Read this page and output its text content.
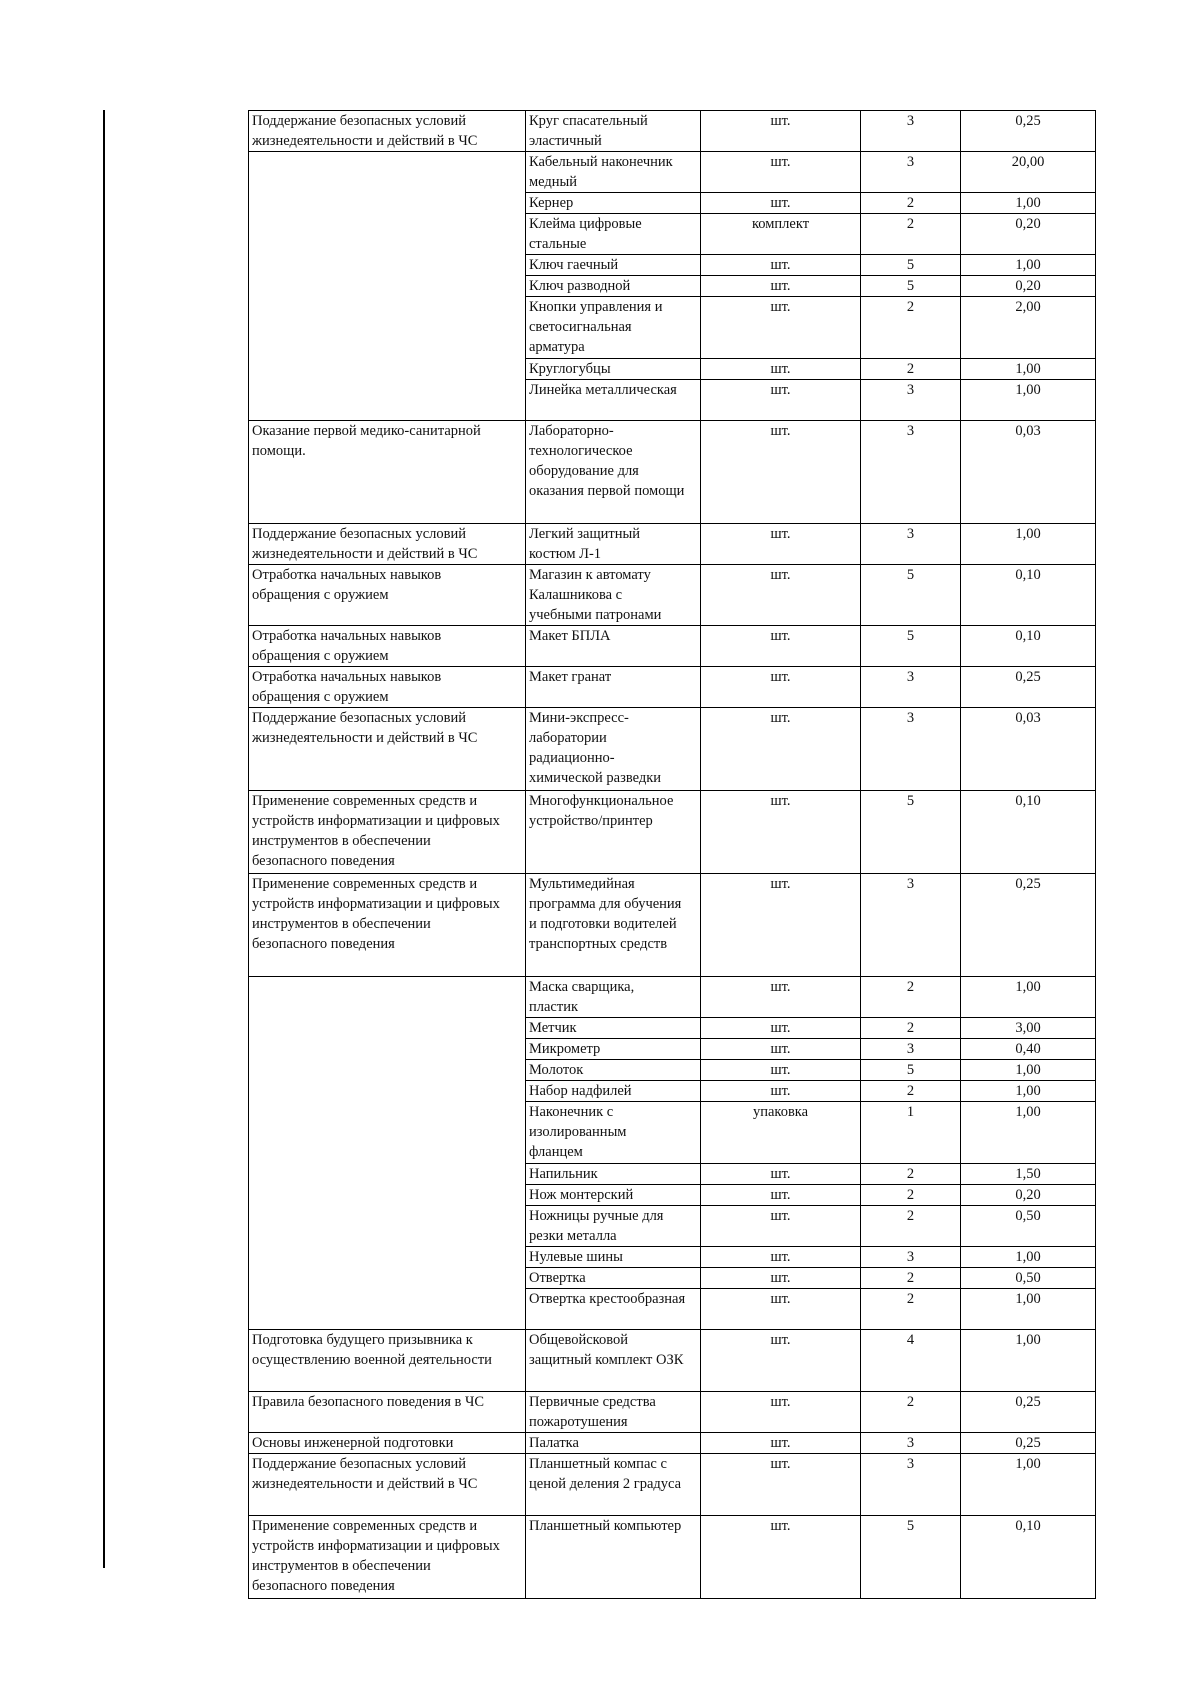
Поддержание безопасных условий
жизнедеятельности и действий в ЧС	Круг спасательный
эластичный	шт.	3	0,25
	Кабельный наконечник
медный	шт.	3	20,00
	Кернер	шт.	2	1,00
	Клейма цифровые стальные	комплект	2	0,20
	Ключ гаечный	шт.	5	1,00
	Ключ разводной	шт.	5	0,20
	Кнопки управления и
светосигнальная
арматура	шт.	2	2,00
	Круглогубцы	шт.	2	1,00
	Линейка металлическая	шт.	3	1,00
Оказание первой медико-санитарной
помощи.	Лабораторно-
технологическое
оборудование для
оказания первой помощи	шт.	3	0,03
Поддержание безопасных условий
жизнедеятельности и действий в ЧС	Легкий защитный
костюм Л-1	шт.	3	1,00
Отработка начальных навыков
обращения с оружием	Магазин к автомату
Калашникова с
учебными патронами	шт.	5	0,10
Отработка начальных навыков
обращения с оружием	Макет БПЛА	шт.	5	0,10
Отработка начальных навыков
обращения с оружием	Макет гранат	шт.	3	0,25
Поддержание безопасных условий
жизнедеятельности и действий в ЧС	Мини-экспресс-
лаборатории
радиационно-
химической разведки	шт.	3	0,03
Применение современных средств и
устройств информатизации и цифровых
инструментов в обеспечении
безопасного поведения	Многофункциональное
устройство/принтер	шт.	5	0,10
Применение современных средств и
устройств информатизации и цифровых
инструментов в обеспечении
безопасного поведения	Мультимедийная
программа для обучения
и подготовки водителей
транспортных средств	шт.	3	0,25
	Маска сварщика,
пластик	шт.	2	1,00
	Метчик	шт.	2	3,00
	Микрометр	шт.	3	0,40
	Молоток	шт.	5	1,00
	Набор надфилей	шт.	2	1,00
	Наконечник с
изолированным
фланцем	упаковка	1	1,00
	Напильник	шт.	2	1,50
	Нож монтерский	шт.	2	0,20
	Ножницы ручные для
резки металла	шт.	2	0,50
	Нулевые шины	шт.	3	1,00
	Отвертка	шт.	2	0,50
	Отвертка крестообразная	шт.	2	1,00
Подготовка будущего призывника к
осуществлению военной деятельности	Общевойсковой
защитный комплект ОЗК	шт.	4	1,00
Правила безопасного поведения в ЧС	Первичные средства
пожаротушения	шт.	2	0,25
Основы инженерной подготовки	Палатка	шт.	3	0,25
Поддержание безопасных условий
жизнедеятельности и действий в ЧС	Планшетный компас с
ценой деления 2 градуса	шт.	3	1,00
Применение современных средств и
устройств информатизации и цифровых
инструментов в обеспечении
безопасного поведения	Планшетный компьютер	шт.	5	0,10
